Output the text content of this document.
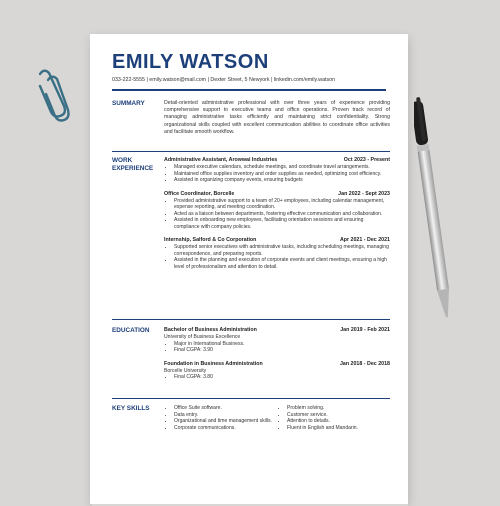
EMILY WATSON
033-222-5555 | emily.watson@mail.com | Dexter Street, 5 Newyork | linkedin.com/emily.watson
SUMMARY	Detail-oriented administrative professional with over three years of experience providing comprehensive support to executive teams and office operations. Proven track record of managing administrative tasks efficiently and maintaining strict confidentiality. Strong organizational skills coupled with excellent communication abilities to coordinate office activities and facilitate smooth workflow.

WORK
EXPERIENCE
Administrative Assistant, Arowwai Industries	Oct 2023 - Present
• Managed executive calendars, schedule meetings, and coordinate travel arrangements.
• Maintained office supplies inventory and order supplies as needed, optimizing cost efficiency.
• Assisted in organizing company events, ensuring budgets
Office Coordinator, Borcelle	Jan 2022 - Sept 2023
• Provided administrative support to a team of 20+ employees, including calendar management, expense reporting, and meeting coordination.
• Acted as a liaison between departments, fostering effective communication and collaboration.
• Assisted in onboarding new employees, facilitating orientation sessions and ensuring compliance with company policies.
Internship, Salford & Co Corporation	Apr 2021 - Dec 2021
• Supported senior executives with administrative tasks, including scheduling meetings, managing correspondence, and preparing reports.
• Assisted in the planning and execution of corporate events and client meetings, ensuring a high level of professionalism and attention to detail.
EDUCATION	Bachelor of Business Administration	Jan 2019 - Feb 2021
University of Business Excellence
• Major in International Business.
• Final CGPA: 3.90
Foundation in Business Administration	Jan 2018 - Dec 2018
Borcelle University
• Final CGPA: 3.80
KEY SKILLS
•	Office Suite software.
• Data entry.
• Organizational and time management skills.
• Corporate communications.
• Problem solving.
• Customer service.
• Attention to details.
• Fluent in English and Mandarin.
